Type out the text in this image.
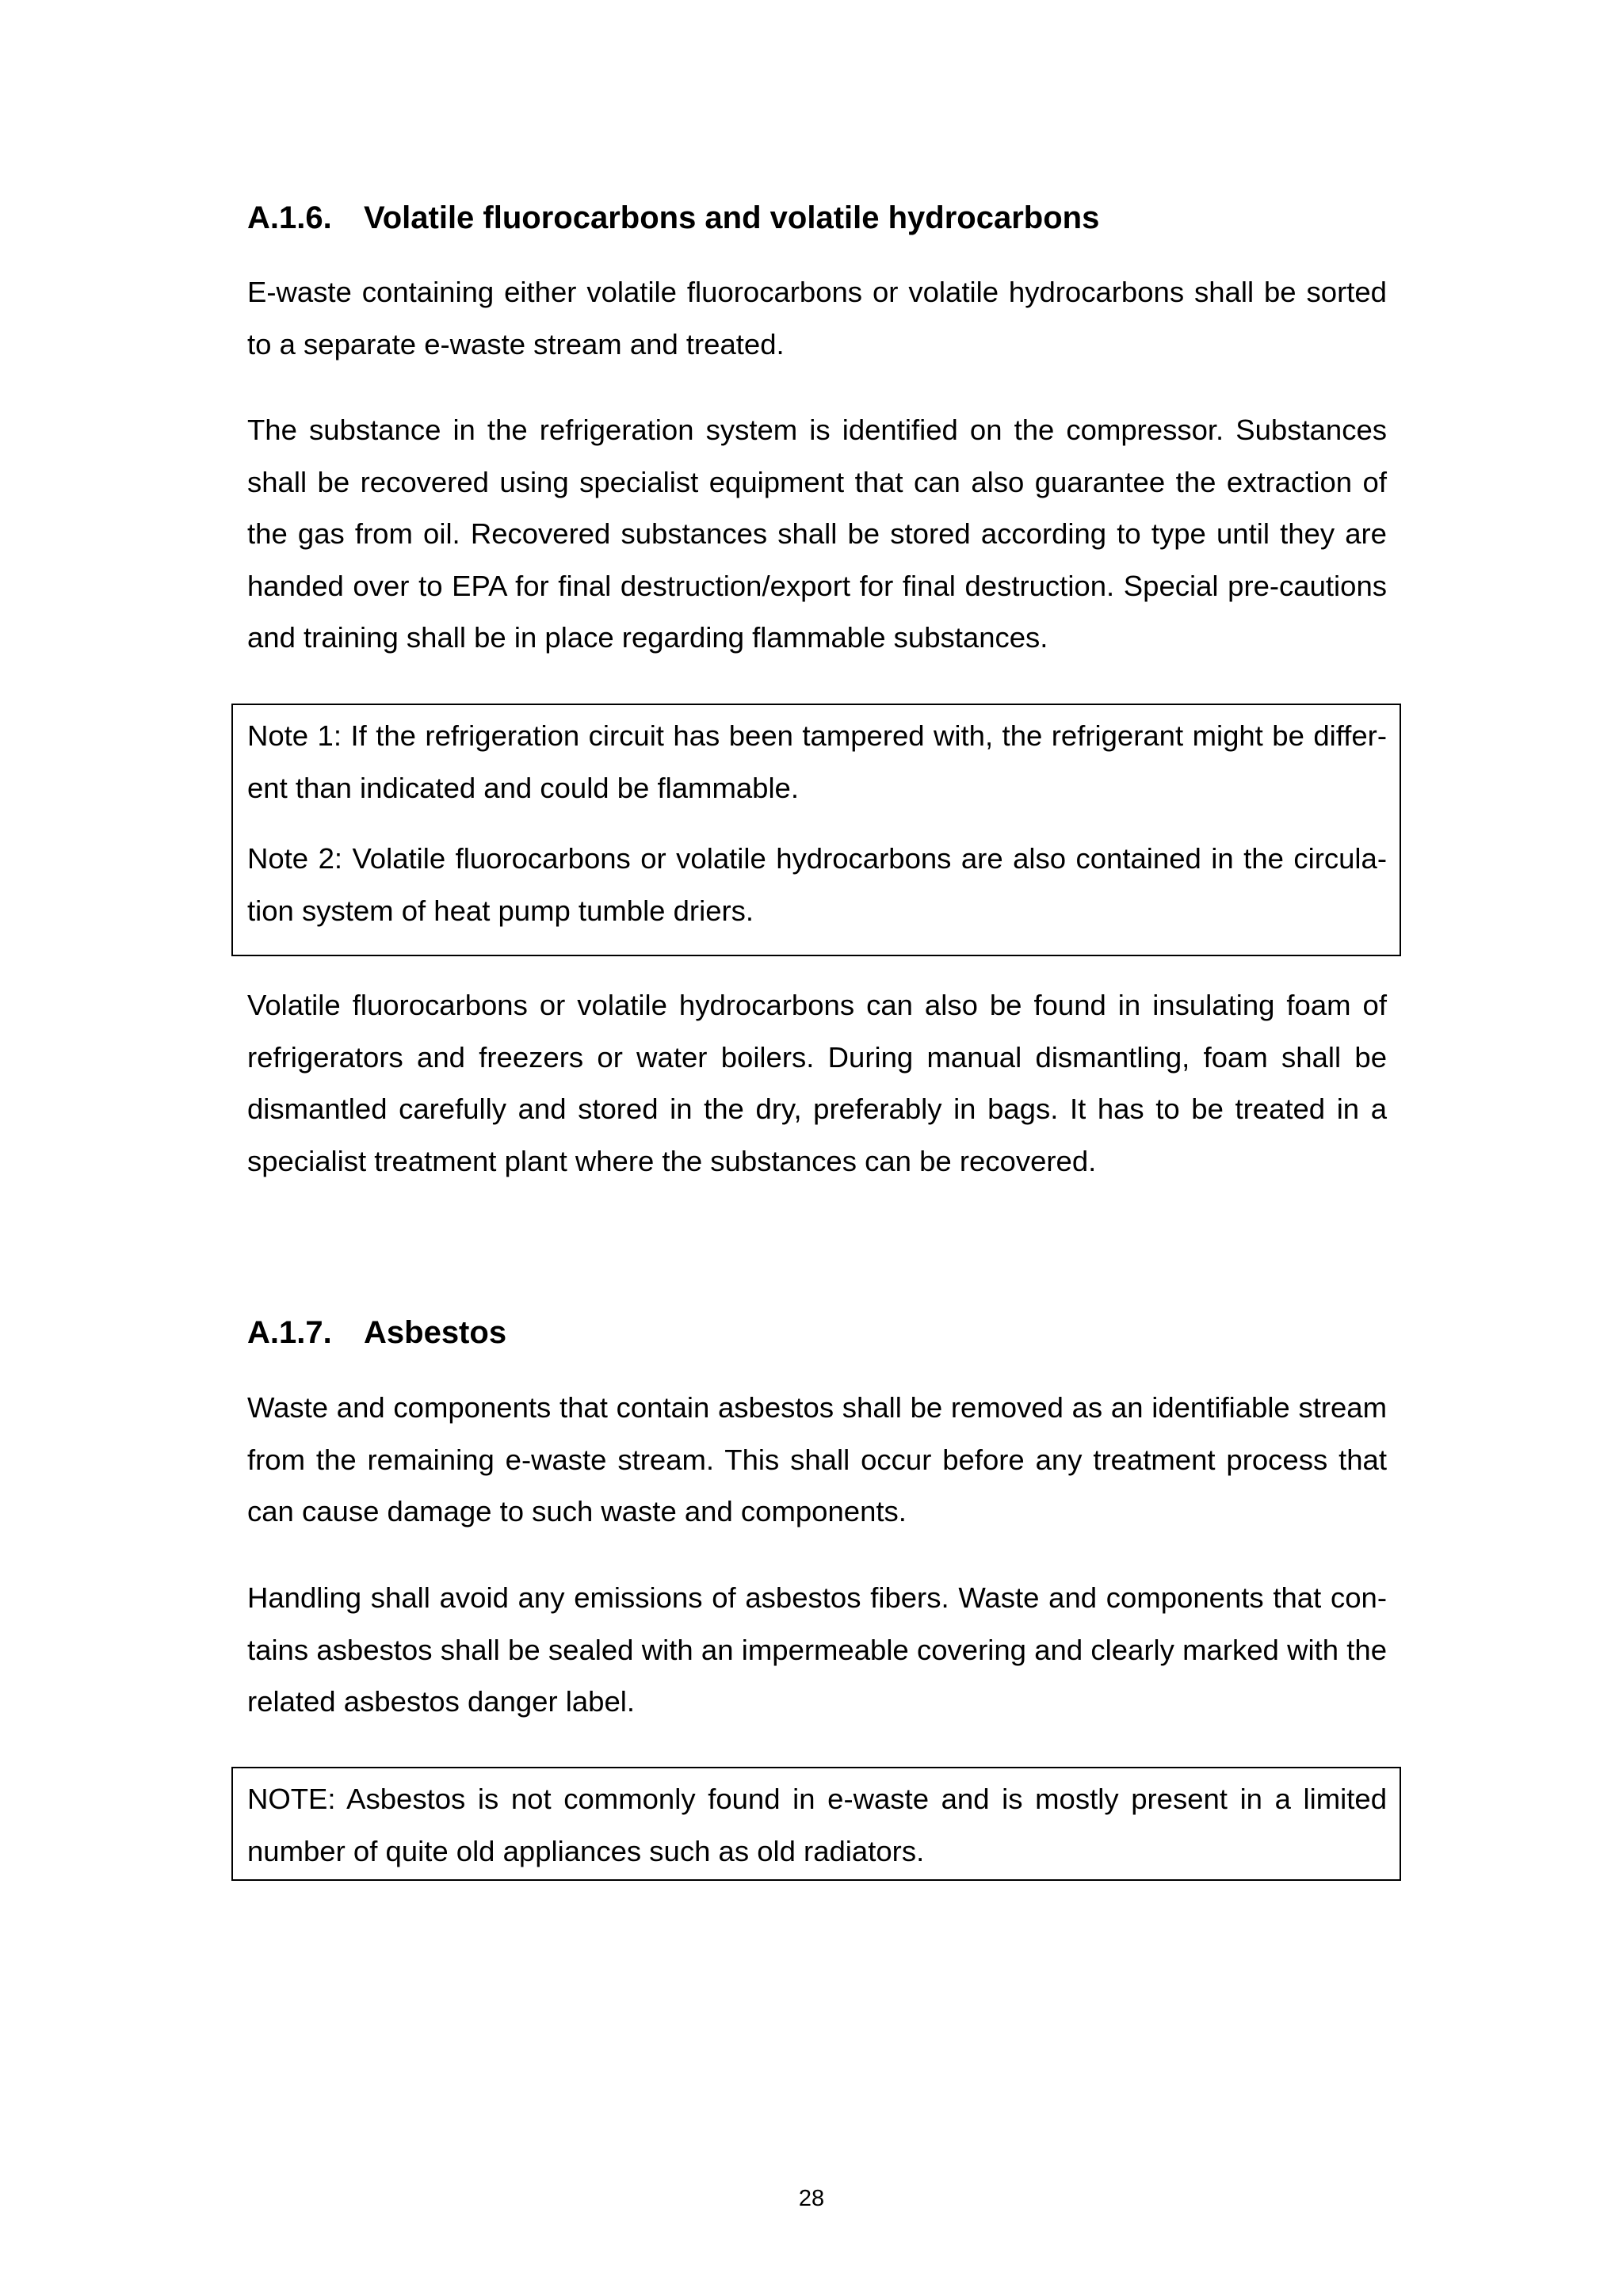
A.1.6. Volatile fluorocarbons and volatile hydrocarbons

E-waste containing either volatile fluorocarbons or volatile hydrocarbons shall be sorted to a separate e-waste stream and treated.

The substance in the refrigeration system is identified on the compressor. Substances shall be recovered using specialist equipment that can also guarantee the extraction of the gas from oil. Recovered substances shall be stored according to type until they are handed over to EPA for final destruction/export for final destruction. Special pre-cautions and training shall be in place regarding flammable substances.

Note 1: If the refrigeration circuit has been tampered with, the refrigerant might be different than indicated and could be flammable.

Note 2: Volatile fluorocarbons or volatile hydrocarbons are also contained in the circulation system of heat pump tumble driers.

Volatile fluorocarbons or volatile hydrocarbons can also be found in insulating foam of refrigerators and freezers or water boilers. During manual dismantling, foam shall be dismantled carefully and stored in the dry, preferably in bags. It has to be treated in a specialist treatment plant where the substances can be recovered.

A.1.7. Asbestos

Waste and components that contain asbestos shall be removed as an identifiable stream from the remaining e-waste stream. This shall occur before any treatment process that can cause damage to such waste and components.

Handling shall avoid any emissions of asbestos fibers. Waste and components that contains asbestos shall be sealed with an impermeable covering and clearly marked with the related asbestos danger label.

NOTE: Asbestos is not commonly found in e-waste and is mostly present in a limited number of quite old appliances such as old radiators.

28
